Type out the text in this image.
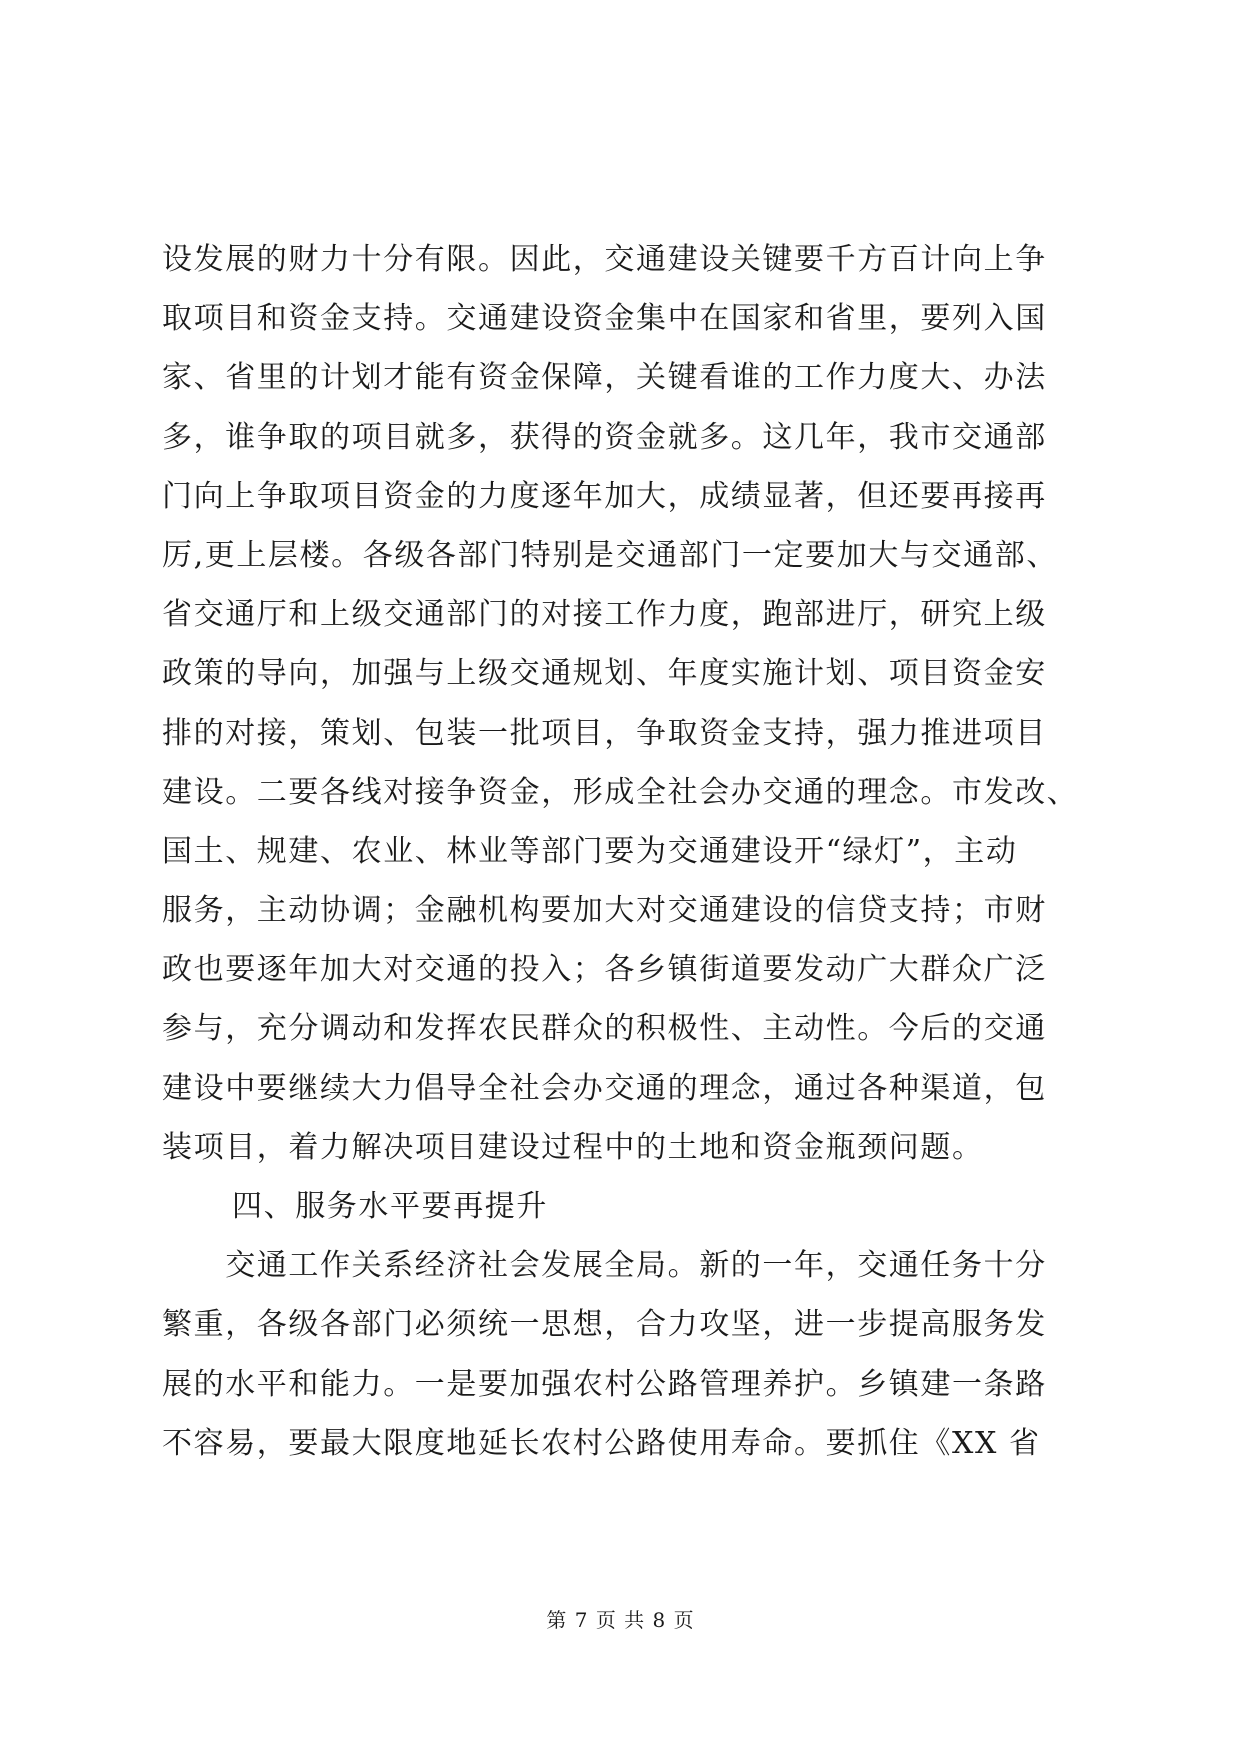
设发展的财力十分有限。因此，交通建设关键要千方百计向上争
取项目和资金支持。交通建设资金集中在国家和省里，要列入国
家、省里的计划才能有资金保障，关键看谁的工作力度大、办法
多，谁争取的项目就多，获得的资金就多。这几年，我市交通部
门向上争取项目资金的力度逐年加大，成绩显著，但还要再接再
厉,更上层楼。各级各部门特别是交通部门一定要加大与交通部、
省交通厅和上级交通部门的对接工作力度，跑部进厅，研究上级
政策的导向，加强与上级交通规划、年度实施计划、项目资金安
排的对接，策划、包装一批项目，争取资金支持，强力推进项目
建设。二要各线对接争资金，形成全社会办交通的理念。市发改、
国土、规建、农业、林业等部门要为交通建设开“绿灯”，主动
服务，主动协调；金融机构要加大对交通建设的信贷支持；市财
政也要逐年加大对交通的投入；各乡镇街道要发动广大群众广泛
参与，充分调动和发挥农民群众的积极性、主动性。今后的交通
建设中要继续大力倡导全社会办交通的理念，通过各种渠道，包
装项目，着力解决项目建设过程中的土地和资金瓶颈问题。
四、服务水平要再提升
　　交通工作关系经济社会发展全局。新的一年，交通任务十分
繁重，各级各部门必须统一思想，合力攻坚，进一步提高服务发
展的水平和能力。一是要加强农村公路管理养护。乡镇建一条路
不容易，要最大限度地延长农村公路使用寿命。要抓住《XX 省
第 7 页 共 8 页
